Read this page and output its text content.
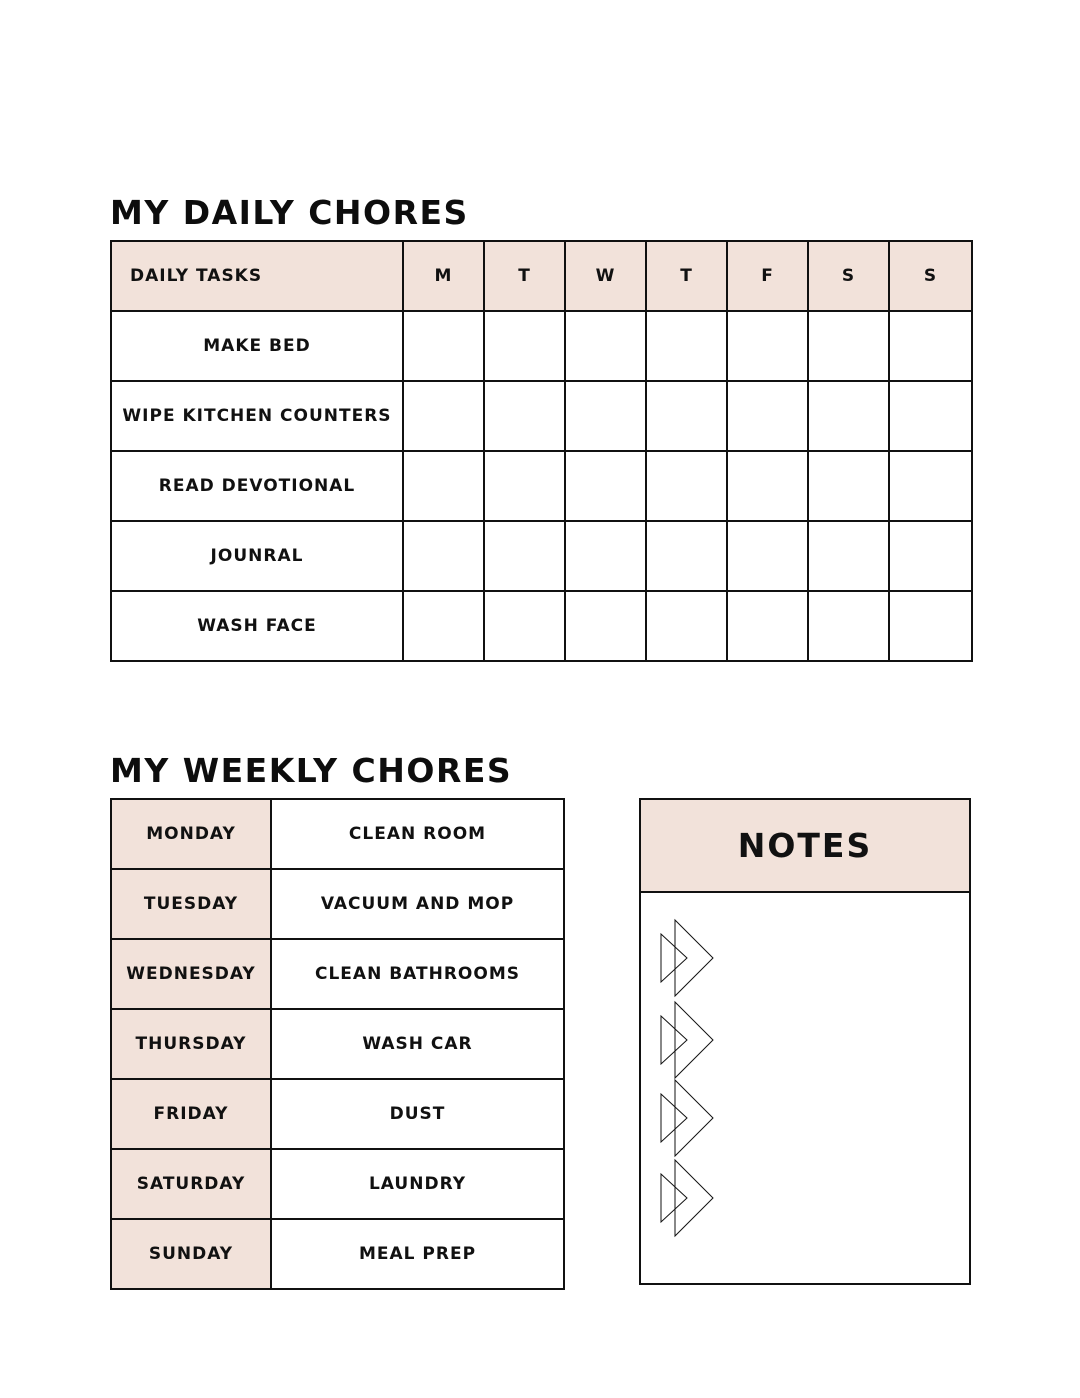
MY DAILY CHORES
DAILY TASKS	M	T	W	T	F	S	S
MAKE BED							
WIPE KITCHEN COUNTERS							
READ DEVOTIONAL							
JOUNRAL							
WASH FACE							
MY WEEKLY CHORES
MONDAY	CLEAN ROOM
TUESDAY	VACUUM AND MOP
WEDNESDAY	CLEAN BATHROOMS
THURSDAY	WASH CAR
FRIDAY	DUST
SATURDAY	LAUNDRY
SUNDAY	MEAL PREP
NOTES
